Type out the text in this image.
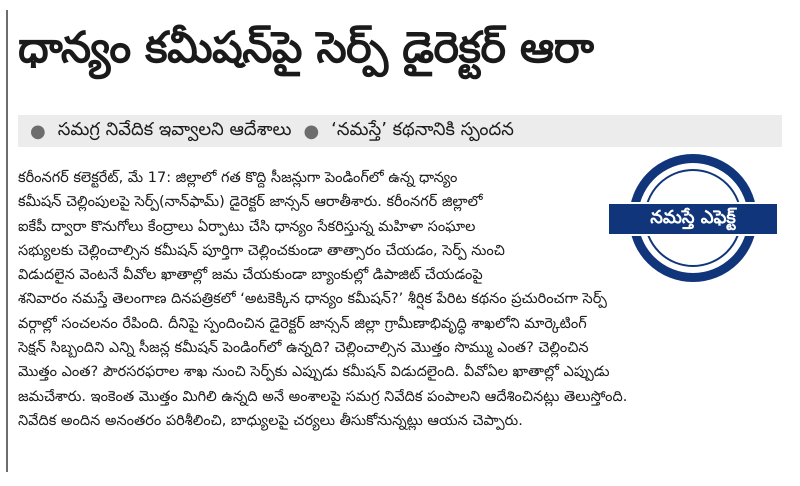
ధాన్యం కమీషన్‌పై సెర్ప్ డైరెక్టర్ ఆరా
● సమగ్ర నివేదిక ఇవ్వాలని ఆదేశాలు ● ‘నమస్తే’ కథనానికి స్పందన
కరీంనగర్ కలెక్టరేట్, మే 17: జిల్లాలో గత కొద్ది సీజన్లుగా పెండింగ్‌లో ఉన్న ధాన్యం
కమీషన్ చెల్లింపులపై సెర్ప్(నాన్‌ఫామ్) డైరెక్టర్ జాన్సన్ ఆరాతీశారు. కరీంనగర్ జిల్లాలో
ఐకేపీ ద్వారా కొనుగోలు కేంద్రాలు ఏర్పాటు చేసి ధాన్యం సేకరిస్తున్న మహిళా సంఘాల
సభ్యులకు చెల్లించాల్సిన కమీషన్ పూర్తిగా చెల్లించకుండా తాత్సారం చేయడం, సెర్ప్ నుంచి
విడుదలైన వెంటనే వీవోల ఖాతాల్లో జమ చేయకుండా బ్యాంకుల్లో డిపాజిట్ చేయడంపై
శనివారం నమస్తే తెలంగాణ దినపత్రికలో ‘అటకెక్కిన ధాన్యం కమీషన్?’ శీర్షిక పేరిట కథనం ప్రచురించగా సెర్ప్
వర్గాల్లో సంచలనం రేపింది. దీనిపై స్పందించిన డైరెక్టర్ జాన్సన్ జిల్లా గ్రామీణాభివృద్ధి శాఖలోని మార్కెటింగ్
సెక్షన్ సిబ్బందిని ఎన్ని సీజన్ల కమీషన్ పెండింగ్‌లో ఉన్నది? చెల్లించాల్సిన మొత్తం సొమ్ము ఎంత? చెల్లించిన
మొత్తం ఎంత? పౌరసరఫరాల శాఖ నుంచి సెర్ప్‌కు ఎప్పుడు కమీషన్ విడుదలైంది. వీవోఏల ఖాతాల్లో ఎప్పుడు
జమచేశారు. ఇంకెంత మొత్తం మిగిలి ఉన్నది అనే అంశాలపై సమగ్ర నివేదిక పంపాలని ఆదేశించినట్లు తెలుస్తోంది.
నివేదిక అందిన అనంతరం పరిశీలించి, బాధ్యులపై చర్యలు తీసుకోనున్నట్లు ఆయన చెప్పారు.
నమస్తే ఎఫెక్ట్
